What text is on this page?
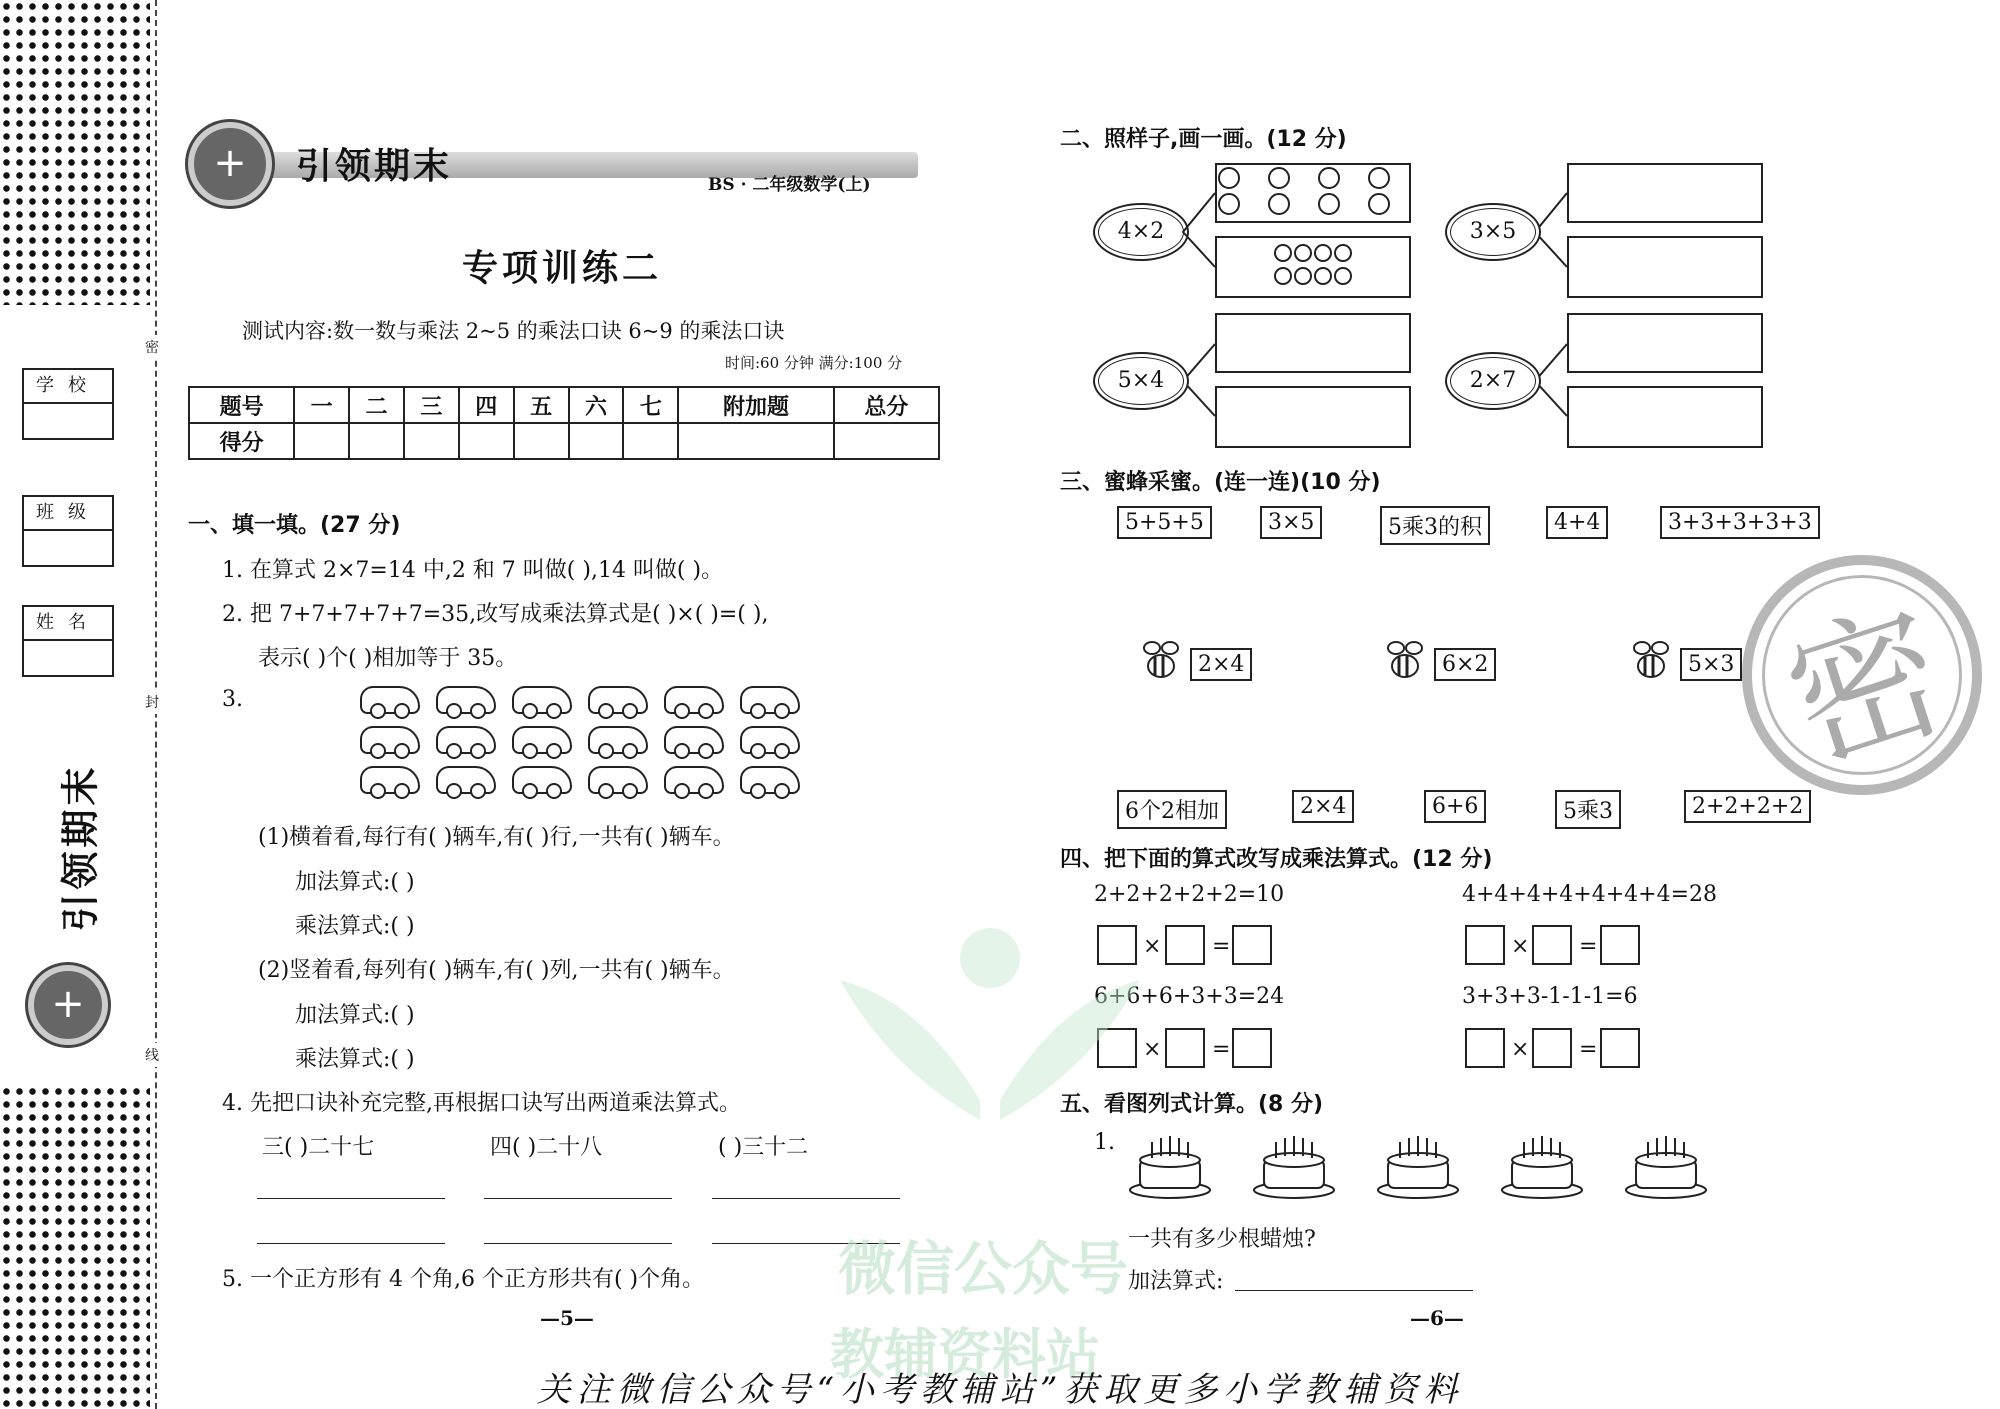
密
封
线
学校
班级
姓名
引领期末
+
+
引领期末	BS · 二年级数学(上)
专项训练二
测试内容:数一数与乘法 2~5 的乘法口诀 6~9 的乘法口诀
时间:60 分钟 满分:100 分
题号	一	二	三	四	五	六	七	附加题	总分
得分									
一、填一填。(27 分)
1. 在算式 2×7=14 中,2 和 7 叫做( ),14 叫做( )。
2. 把 7+7+7+7+7=35,改写成乘法算式是( )×( )=( ),
表示( )个( )相加等于 35。
3.
(1)横着看,每行有( )辆车,有( )行,一共有( )辆车。
加法算式:( )
乘法算式:( )
(2)竖着看,每列有( )辆车,有( )列,一共有( )辆车。
加法算式:( )
乘法算式:( )
4. 先把口诀补充完整,再根据口诀写出两道乘法算式。
三( )二十七	四( )二十八	( )三十二
5. 一个正方形有 4 个角,6 个正方形共有( )个角。
—5—
二、照样子,画一画。(12 分)
4×2	3×5
5×4	2×7
三、蜜蜂采蜜。(连一连)(10 分)
5+5+5	3×5	5乘3的积	4+4	3+3+3+3+3
2×4	6×2	5×3
6个2相加	2×4	6+6	5乘3	2+2+2+2
四、把下面的算式改写成乘法算式。(12 分)
2+2+2+2+2=10	4+4+4+4+4+4+4=28
6+6+6+3+3=24	3+3+3-1-1-1=6
× =	× =
× =	× =
五、看图列式计算。(8 分)
1.
一共有多少根蜡烛?
加法算式:
—6—
密
微信公众号
教辅资料站
关注微信公众号“小考教辅站”获取更多小学教辅资料
